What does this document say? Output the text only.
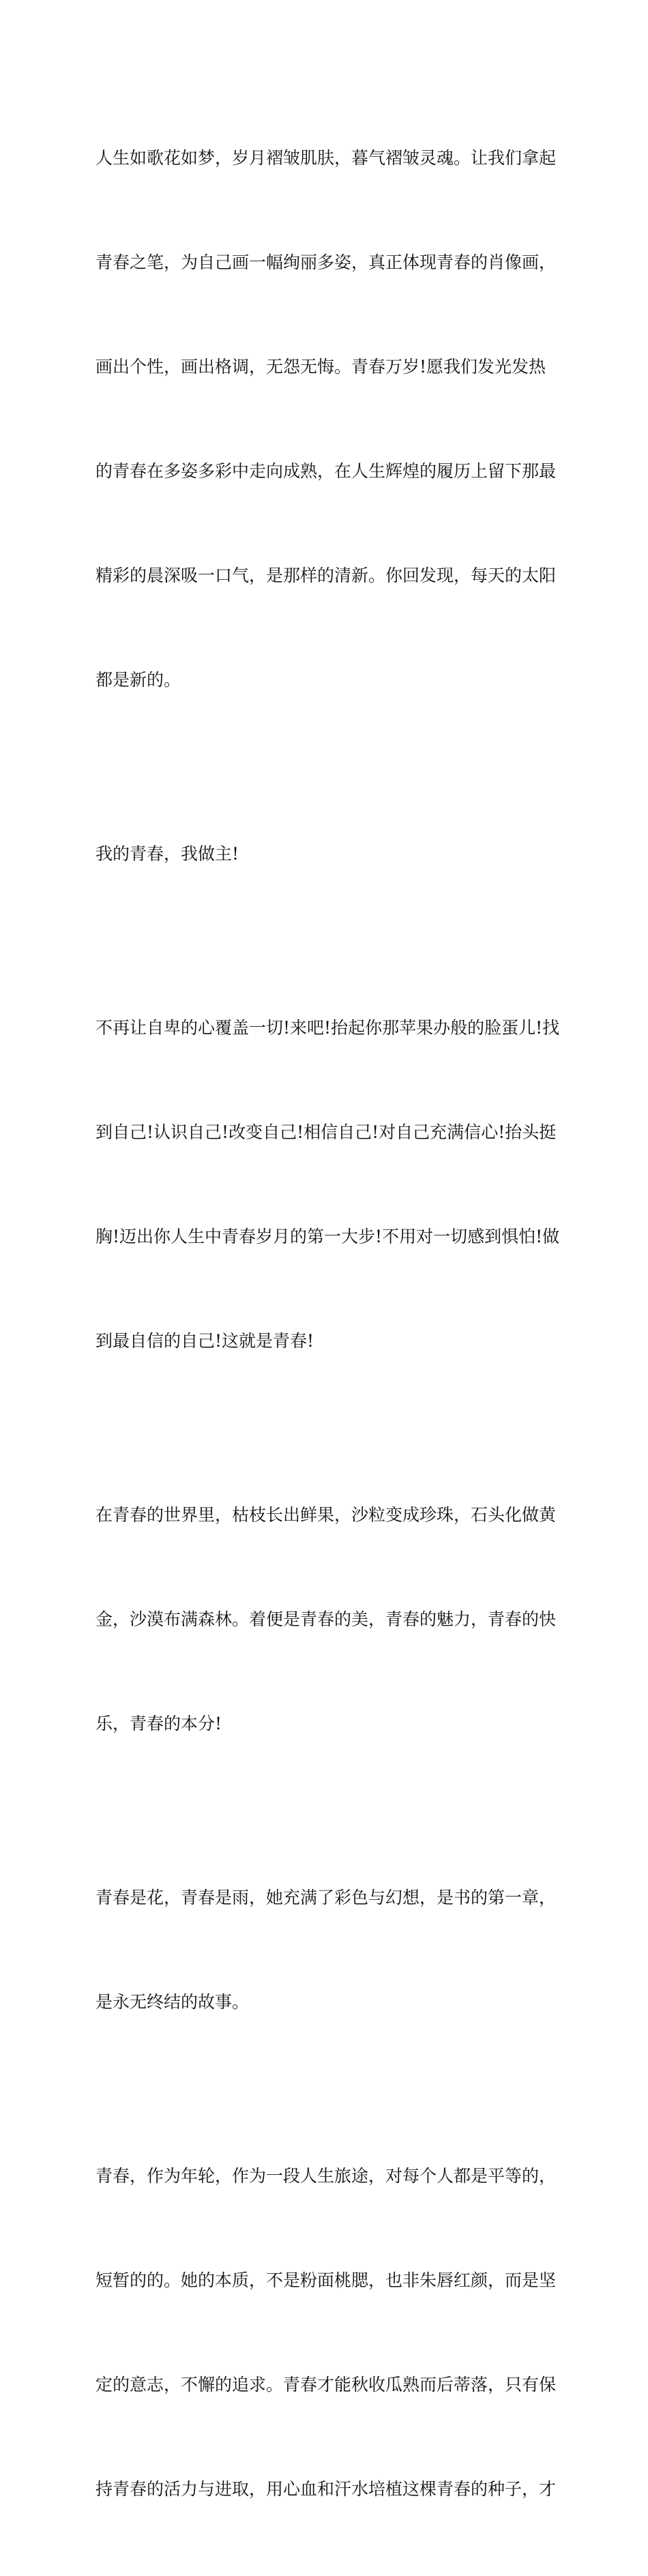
人生如歌花如梦，岁月褶皱肌肤，暮气褶皱灵魂。让我们拿起

青春之笔，为自己画一幅绚丽多姿，真正体现青春的肖像画，

画出个性，画出格调，无怨无悔。青春万岁!愿我们发光发热

的青春在多姿多彩中走向成熟，在人生辉煌的履历上留下那最

精彩的晨深吸一口气，是那样的清新。你回发现，每天的太阳

都是新的。

我的青春，我做主!

不再让自卑的心覆盖一切!来吧!抬起你那苹果办般的脸蛋儿!找

到自己!认识自己!改变自己!相信自己!对自己充满信心!抬头挺

胸!迈出你人生中青春岁月的第一大步!不用对一切感到惧怕!做

到最自信的自己!这就是青春!

在青春的世界里，枯枝长出鲜果，沙粒变成珍珠，石头化做黄

金，沙漠布满森林。着便是青春的美，青春的魅力，青春的快

乐，青春的本分!

青春是花，青春是雨，她充满了彩色与幻想，是书的第一章，

是永无终结的故事。

青春，作为年轮，作为一段人生旅途，对每个人都是平等的，

短暂的的。她的本质，不是粉面桃腮，也非朱唇红颜，而是坚

定的意志，不懈的追求。青春才能秋收瓜熟而后蒂落，只有保

持青春的活力与进取，用心血和汗水培植这棵青春的种子，才
